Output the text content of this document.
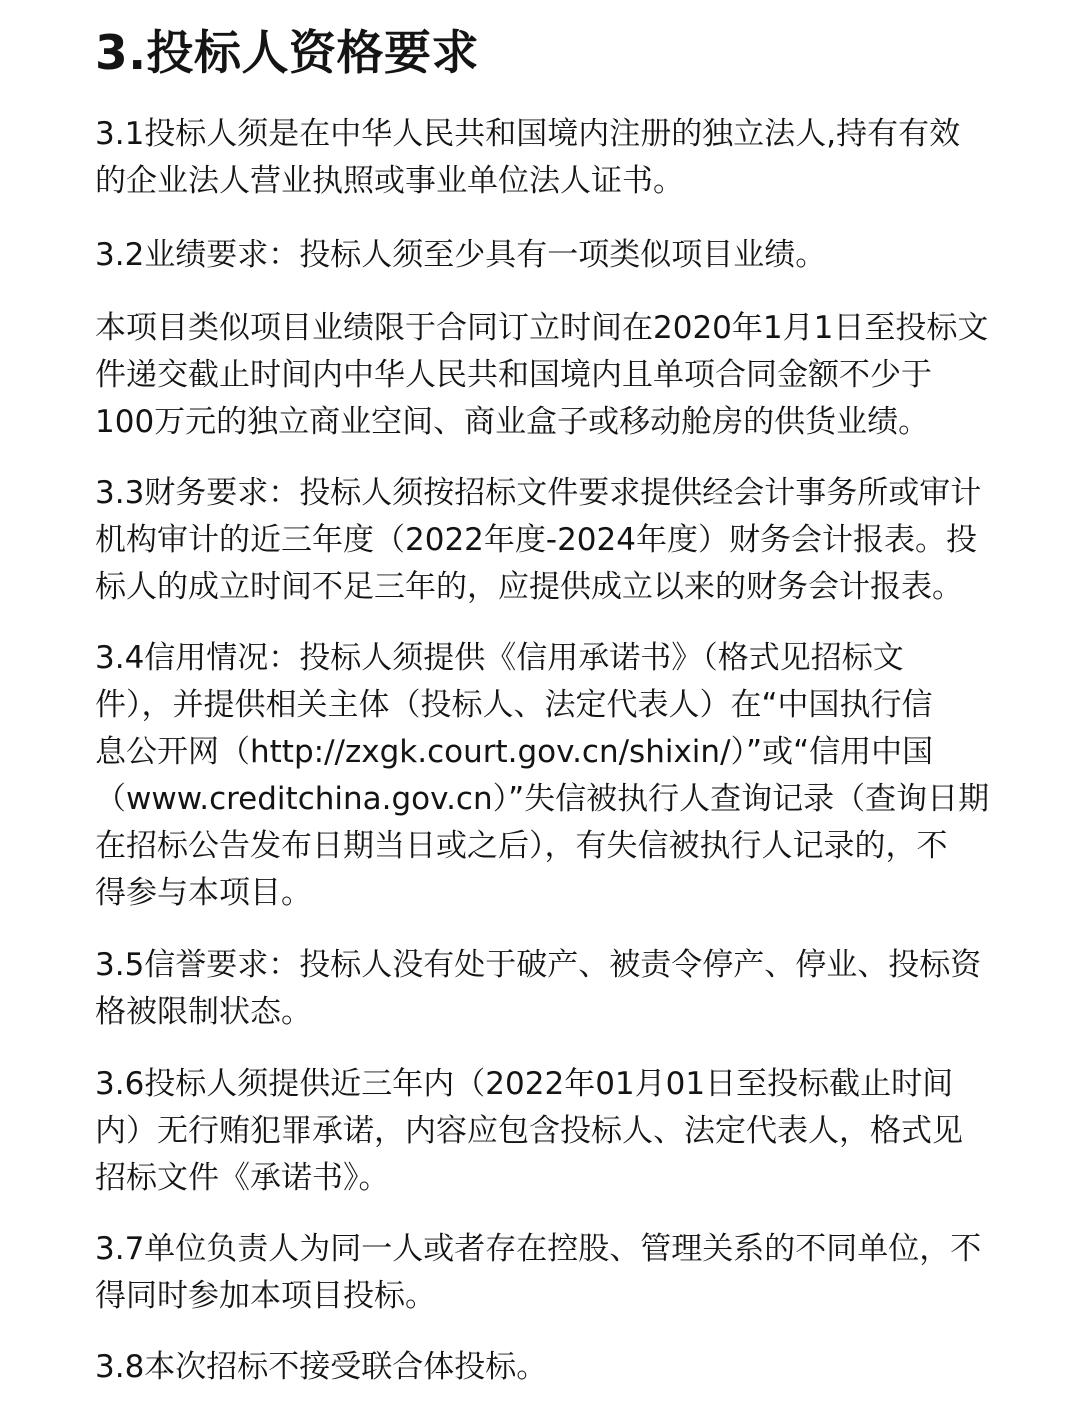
3.投标人资格要求

3.1投标人须是在中华人民共和国境内注册的独立法人,持有有效
的企业法人营业执照或事业单位法人证书。

3.2业绩要求：投标人须至少具有一项类似项目业绩。

本项目类似项目业绩限于合同订立时间在2020年1月1日至投标文
件递交截止时间内中华人民共和国境内且单项合同金额不少于
100万元的独立商业空间、商业盒子或移动舱房的供货业绩。

3.3财务要求：投标人须按招标文件要求提供经会计事务所或审计
机构审计的近三年度（2022年度-2024年度）财务会计报表。投
标人的成立时间不足三年的，应提供成立以来的财务会计报表。

3.4信用情况：投标人须提供《信用承诺书》（格式见招标文
件），并提供相关主体（投标人、法定代表人）在“中国执行信
息公开网（http://zxgk.court.gov.cn/shixin/）”或“信用中国
（www.creditchina.gov.cn）”失信被执行人查询记录（查询日期
在招标公告发布日期当日或之后），有失信被执行人记录的，不
得参与本项目。

3.5信誉要求：投标人没有处于破产、被责令停产、停业、投标资
格被限制状态。

3.6投标人须提供近三年内（2022年01月01日至投标截止时间
内）无行贿犯罪承诺，内容应包含投标人、法定代表人，格式见
招标文件《承诺书》。

3.7单位负责人为同一人或者存在控股、管理关系的不同单位，不
得同时参加本项目投标。

3.8本次招标不接受联合体投标。
